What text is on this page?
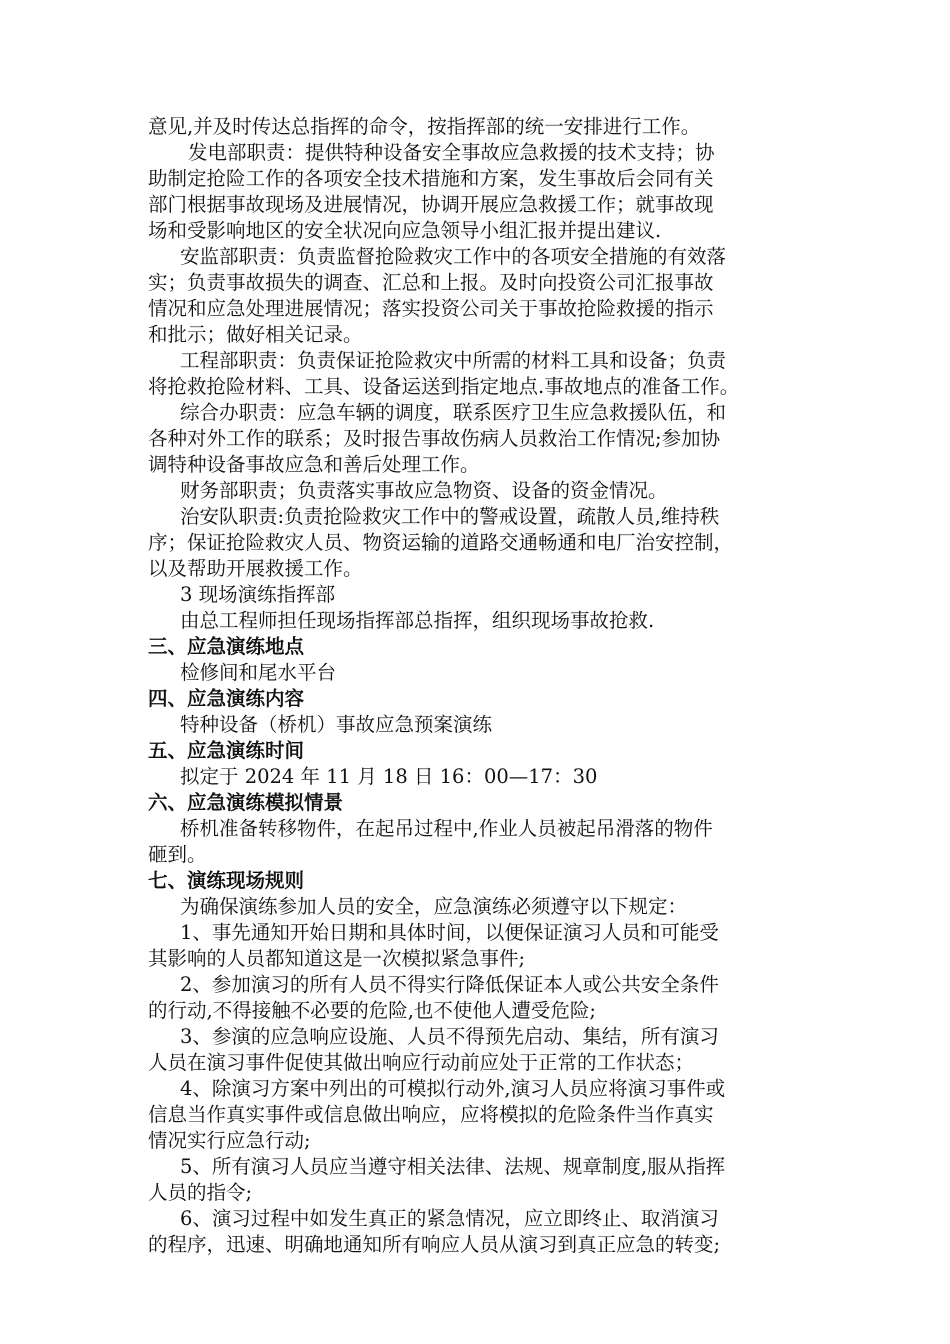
意见,并及时传达总指挥的命令，按指挥部的统一安排进行工作。
发电部职责：提供特种设备安全事故应急救援的技术支持；协
助制定抢险工作的各项安全技术措施和方案，发生事故后会同有关
部门根据事故现场及进展情况，协调开展应急救援工作；就事故现
场和受影响地区的安全状况向应急领导小组汇报并提出建议.
安监部职责：负责监督抢险救灾工作中的各项安全措施的有效落
实；负责事故损失的调查、汇总和上报。及时向投资公司汇报事故
情况和应急处理进展情况；落实投资公司关于事故抢险救援的指示
和批示；做好相关记录。
工程部职责：负责保证抢险救灾中所需的材料工具和设备；负责
将抢救抢险材料、工具、设备运送到指定地点.事故地点的准备工作。
综合办职责：应急车辆的调度，联系医疗卫生应急救援队伍，和
各种对外工作的联系；及时报告事故伤病人员救治工作情况;参加协
调特种设备事故应急和善后处理工作。
财务部职责；负责落实事故应急物资、设备的资金情况。
治安队职责:负责抢险救灾工作中的警戒设置，疏散人员,维持秩
序；保证抢险救灾人员、物资运输的道路交通畅通和电厂治安控制，
以及帮助开展救援工作。
3 现场演练指挥部
由总工程师担任现场指挥部总指挥，组织现场事故抢救.
三、应急演练地点
检修间和尾水平台
四、应急演练内容
特种设备（桥机）事故应急预案演练
五、应急演练时间
拟定于 2024 年 11 月 18 日 16：00—17：30
六、应急演练模拟情景
桥机准备转移物件，在起吊过程中,作业人员被起吊滑落的物件
砸到。
七、演练现场规则
为确保演练参加人员的安全，应急演练必须遵守以下规定：
1、事先通知开始日期和具体时间，以便保证演习人员和可能受
其影响的人员都知道这是一次模拟紧急事件;
2、参加演习的所有人员不得实行降低保证本人或公共安全条件
的行动,不得接触不必要的危险,也不使他人遭受危险;
3、参演的应急响应设施、人员不得预先启动、集结，所有演习
人员在演习事件促使其做出响应行动前应处于正常的工作状态；
4、除演习方案中列出的可模拟行动外,演习人员应将演习事件或
信息当作真实事件或信息做出响应，应将模拟的危险条件当作真实
情况实行应急行动;
5、所有演习人员应当遵守相关法律、法规、规章制度,服从指挥
人员的指令;
6、演习过程中如发生真正的紧急情况，应立即终止、取消演习
的程序，迅速、明确地通知所有响应人员从演习到真正应急的转变;
